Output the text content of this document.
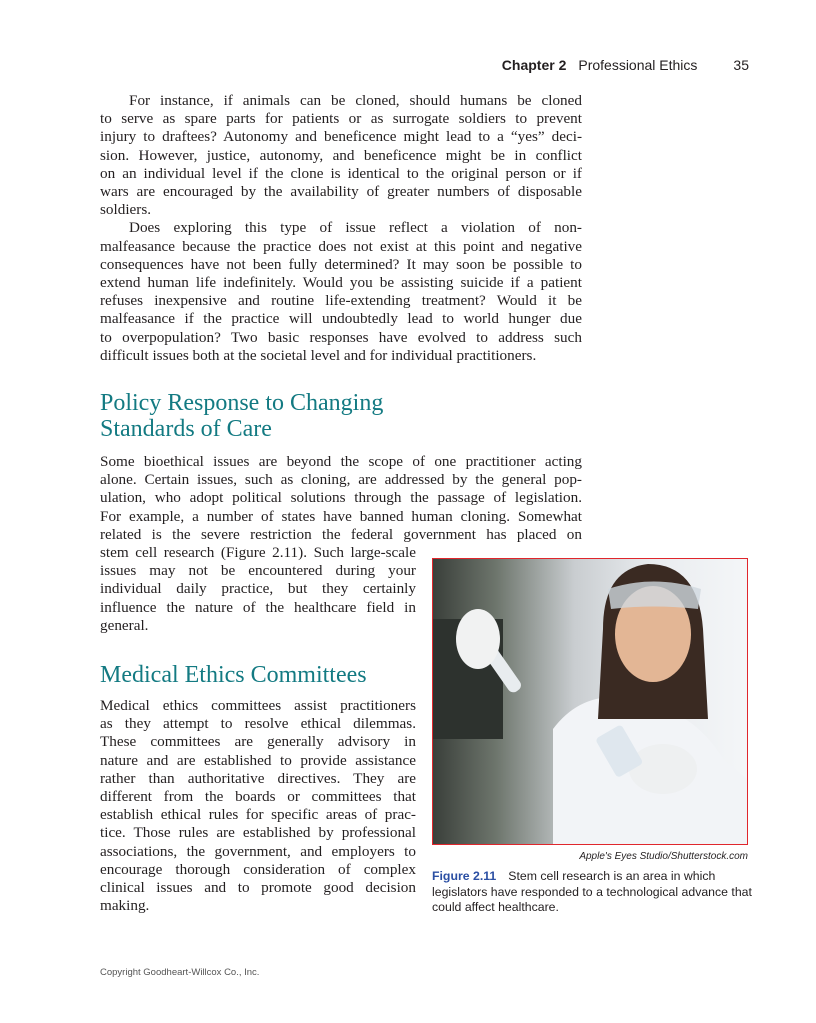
Chapter 2 Professional Ethics	35
For instance, if animals can be cloned, should humans be cloned
to serve as spare parts for patients or as surrogate soldiers to prevent
injury to draftees? Autonomy and beneficence might lead to a “yes” deci-
sion. However, justice, autonomy, and beneficence might be in conflict
on an individual level if the clone is identical to the original person or if
wars are encouraged by the availability of greater numbers of disposable
soldiers.
Does exploring this type of issue reflect a violation of non-
malfeasance because the practice does not exist at this point and negative
consequences have not been fully determined? It may soon be possible to
extend human life indefinitely. Would you be assisting suicide if a patient
refuses inexpensive and routine life-extending treatment? Would it be
malfeasance if the practice will undoubtedly lead to world hunger due
to overpopulation? Two basic responses have evolved to address such
difficult issues both at the societal level and for individual practitioners.
Policy Response to Changing
Standards of Care
Some bioethical issues are beyond the scope of one practitioner acting
alone. Certain issues, such as cloning, are addressed by the general pop-
ulation, who adopt political solutions through the passage of legislation.
For example, a number of states have banned human cloning. Somewhat
related is the severe restriction the federal government has placed on
stem cell research (Figure 2.11). Such large-scale
issues may not be encountered during your
individual daily practice, but they certainly
influence the nature of the healthcare field in
general.
Medical Ethics Committees
Medical ethics committees assist practitioners
as they attempt to resolve ethical dilemmas.
These committees are generally advisory in
nature and are established to provide assistance
rather than authoritative directives. They are
different from the boards or committees that
establish ethical rules for specific areas of prac-
tice. Those rules are established by professional
associations, the government, and employers to
encourage thorough consideration of complex
clinical issues and to promote good decision
making.
Apple's Eyes Studio/Shutterstock.com
Figure 2.11 Stem cell research is an area in which legislators have responded to a technological advance that could affect healthcare.
Copyright Goodheart-Willcox Co., Inc.
